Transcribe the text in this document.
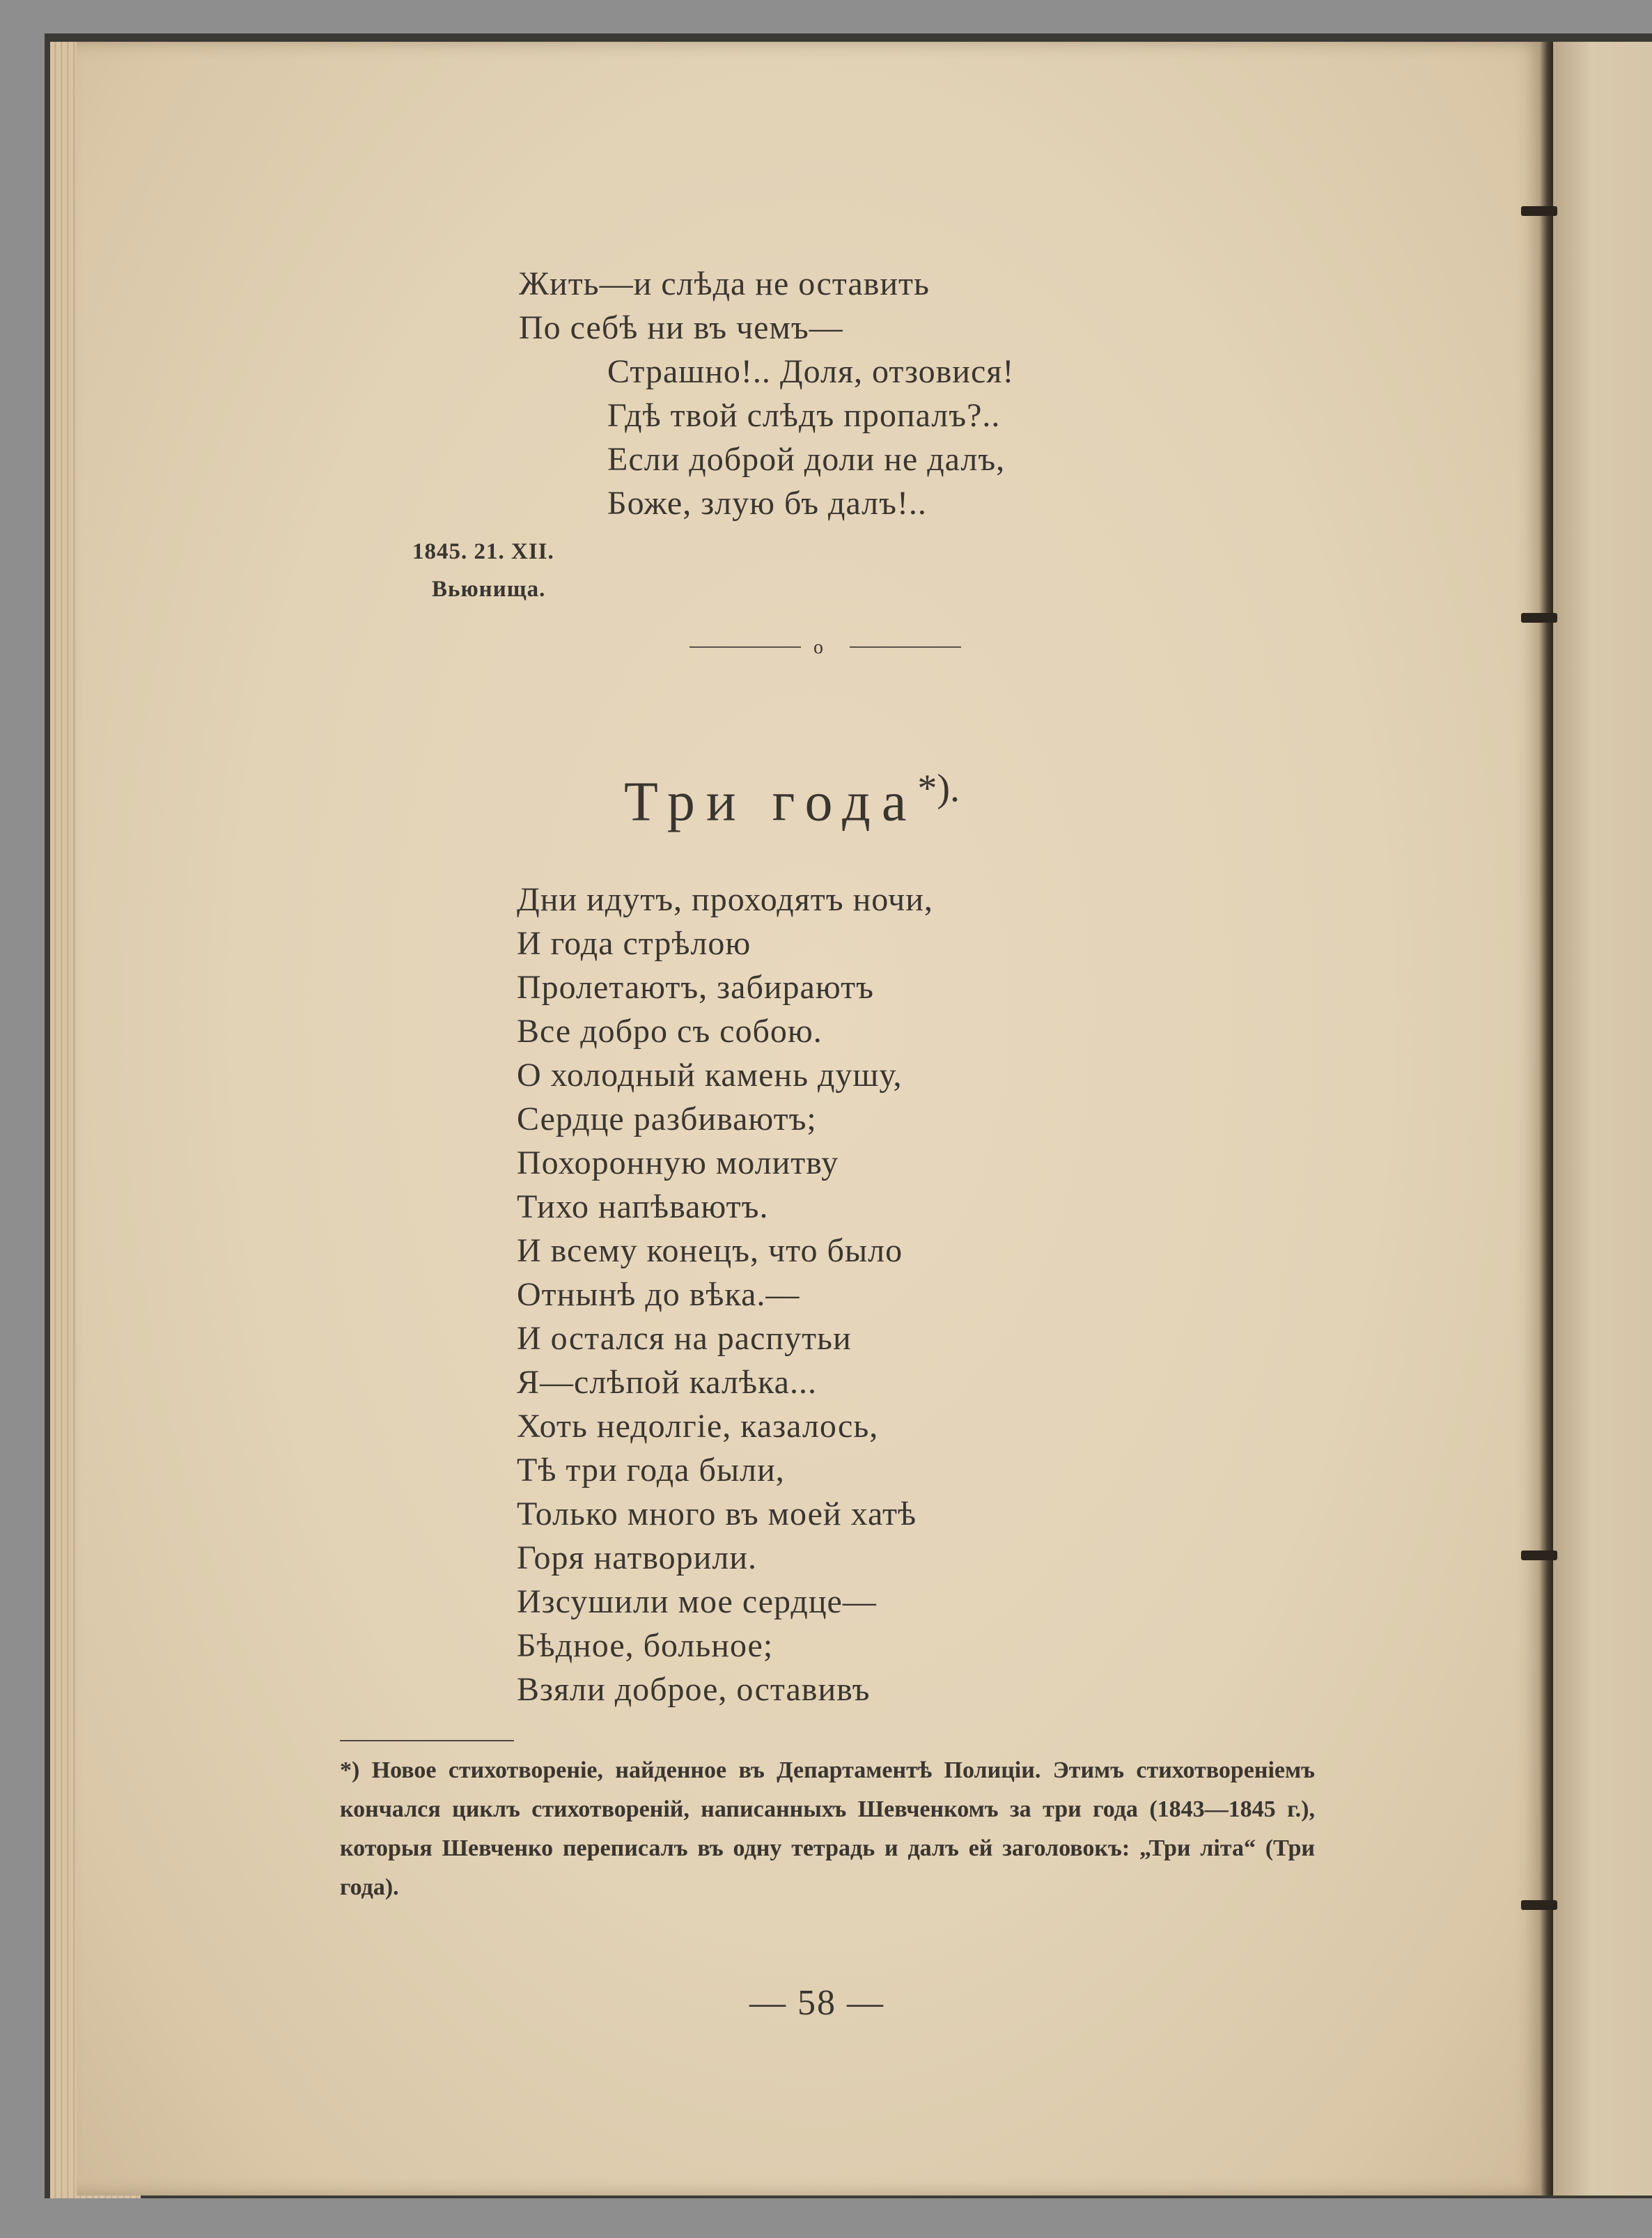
Жить—и слѣда не оставить
По себѣ ни въ чемъ—
Страшно!.. Доля, отзовися!
Гдѣ твой слѣдъ пропалъ?..
Если доброй доли не далъ,
Боже, злую бъ далъ!..
1845. 21. XII.
Вьюнища.
o
Три года*).
Дни идутъ, проходятъ ночи,
И года стрѣлою
Пролетаютъ, забираютъ
Все добро съ собою.
О холодный камень душу,
Сердце разбиваютъ;
Похоронную молитву
Тихо напѣваютъ.
И всему конецъ, что было
Отнынѣ до вѣка.—
И остался на распутьи
Я—слѣпой калѣка...
Хоть недолгіе, казалось,
Тѣ три года были,
Только много въ моей хатѣ
Горя натворили.
Изсушили мое сердце—
Бѣдное, больное;
Взяли доброе, оставивъ
*) Новое стихотвореніе, найденное въ Департаментѣ Полиціи. Этимъ стихотвореніемъ кончался циклъ стихотвореній, написанныхъ Шевченкомъ за три года (1843—1845 г.), которыя Шевченко переписалъ въ одну тетрадь и далъ ей заголовокъ: „Три літа“ (Три года).
— 58 —
